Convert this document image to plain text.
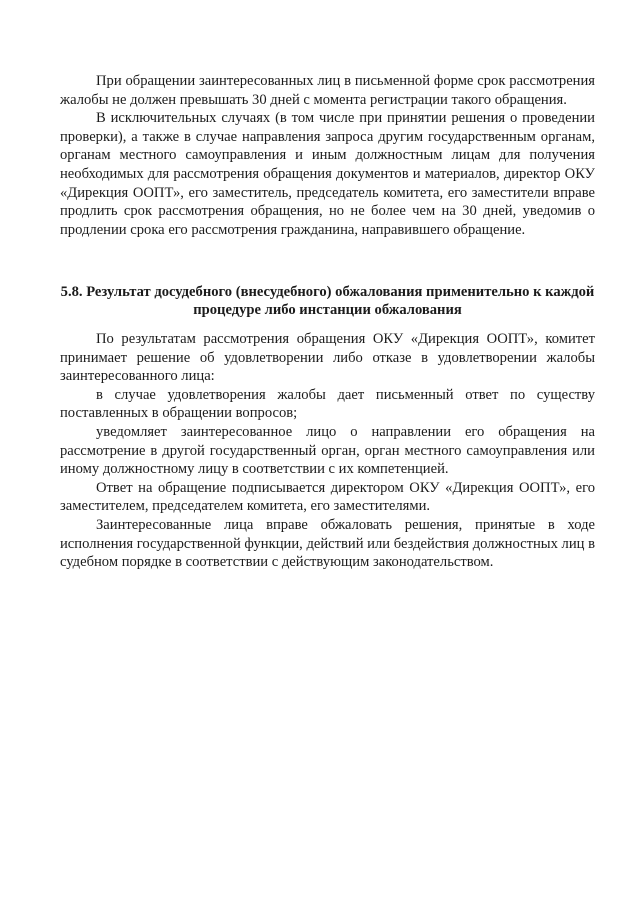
При обращении заинтересованных лиц в письменной форме срок рассмотрения жалобы не должен превышать 30 дней с момента регистрации такого обращения.

В исключительных случаях (в том числе при принятии решения о проведении проверки), а также в случае направления запроса другим государственным органам, органам местного самоуправления и иным должностным лицам для получения необходимых для рассмотрения обращения документов и материалов, директор ОКУ «Дирекция ООПТ», его заместитель, председатель комитета, его заместители вправе продлить срок рассмотрения обращения, но не более чем на 30 дней, уведомив о продлении срока его рассмотрения гражданина, направившего обращение.

5.8. Результат досудебного (внесудебного) обжалования применительно к каждой процедуре либо инстанции обжалования

По результатам рассмотрения обращения ОКУ «Дирекция ООПТ», комитет принимает решение об удовлетворении либо отказе в удовлетворении жалобы заинтересованного лица:

в случае удовлетворения жалобы дает письменный ответ по существу поставленных в обращении вопросов;

уведомляет заинтересованное лицо о направлении его обращения на рассмотрение в другой государственный орган, орган местного самоуправления или иному должностному лицу в соответствии с их компетенцией.

Ответ на обращение подписывается директором ОКУ «Дирекция ООПТ», его заместителем, председателем комитета, его заместителями.

Заинтересованные лица вправе обжаловать решения, принятые в ходе исполнения государственной функции, действий или бездействия должностных лиц в судебном порядке в соответствии с действующим законодательством.
